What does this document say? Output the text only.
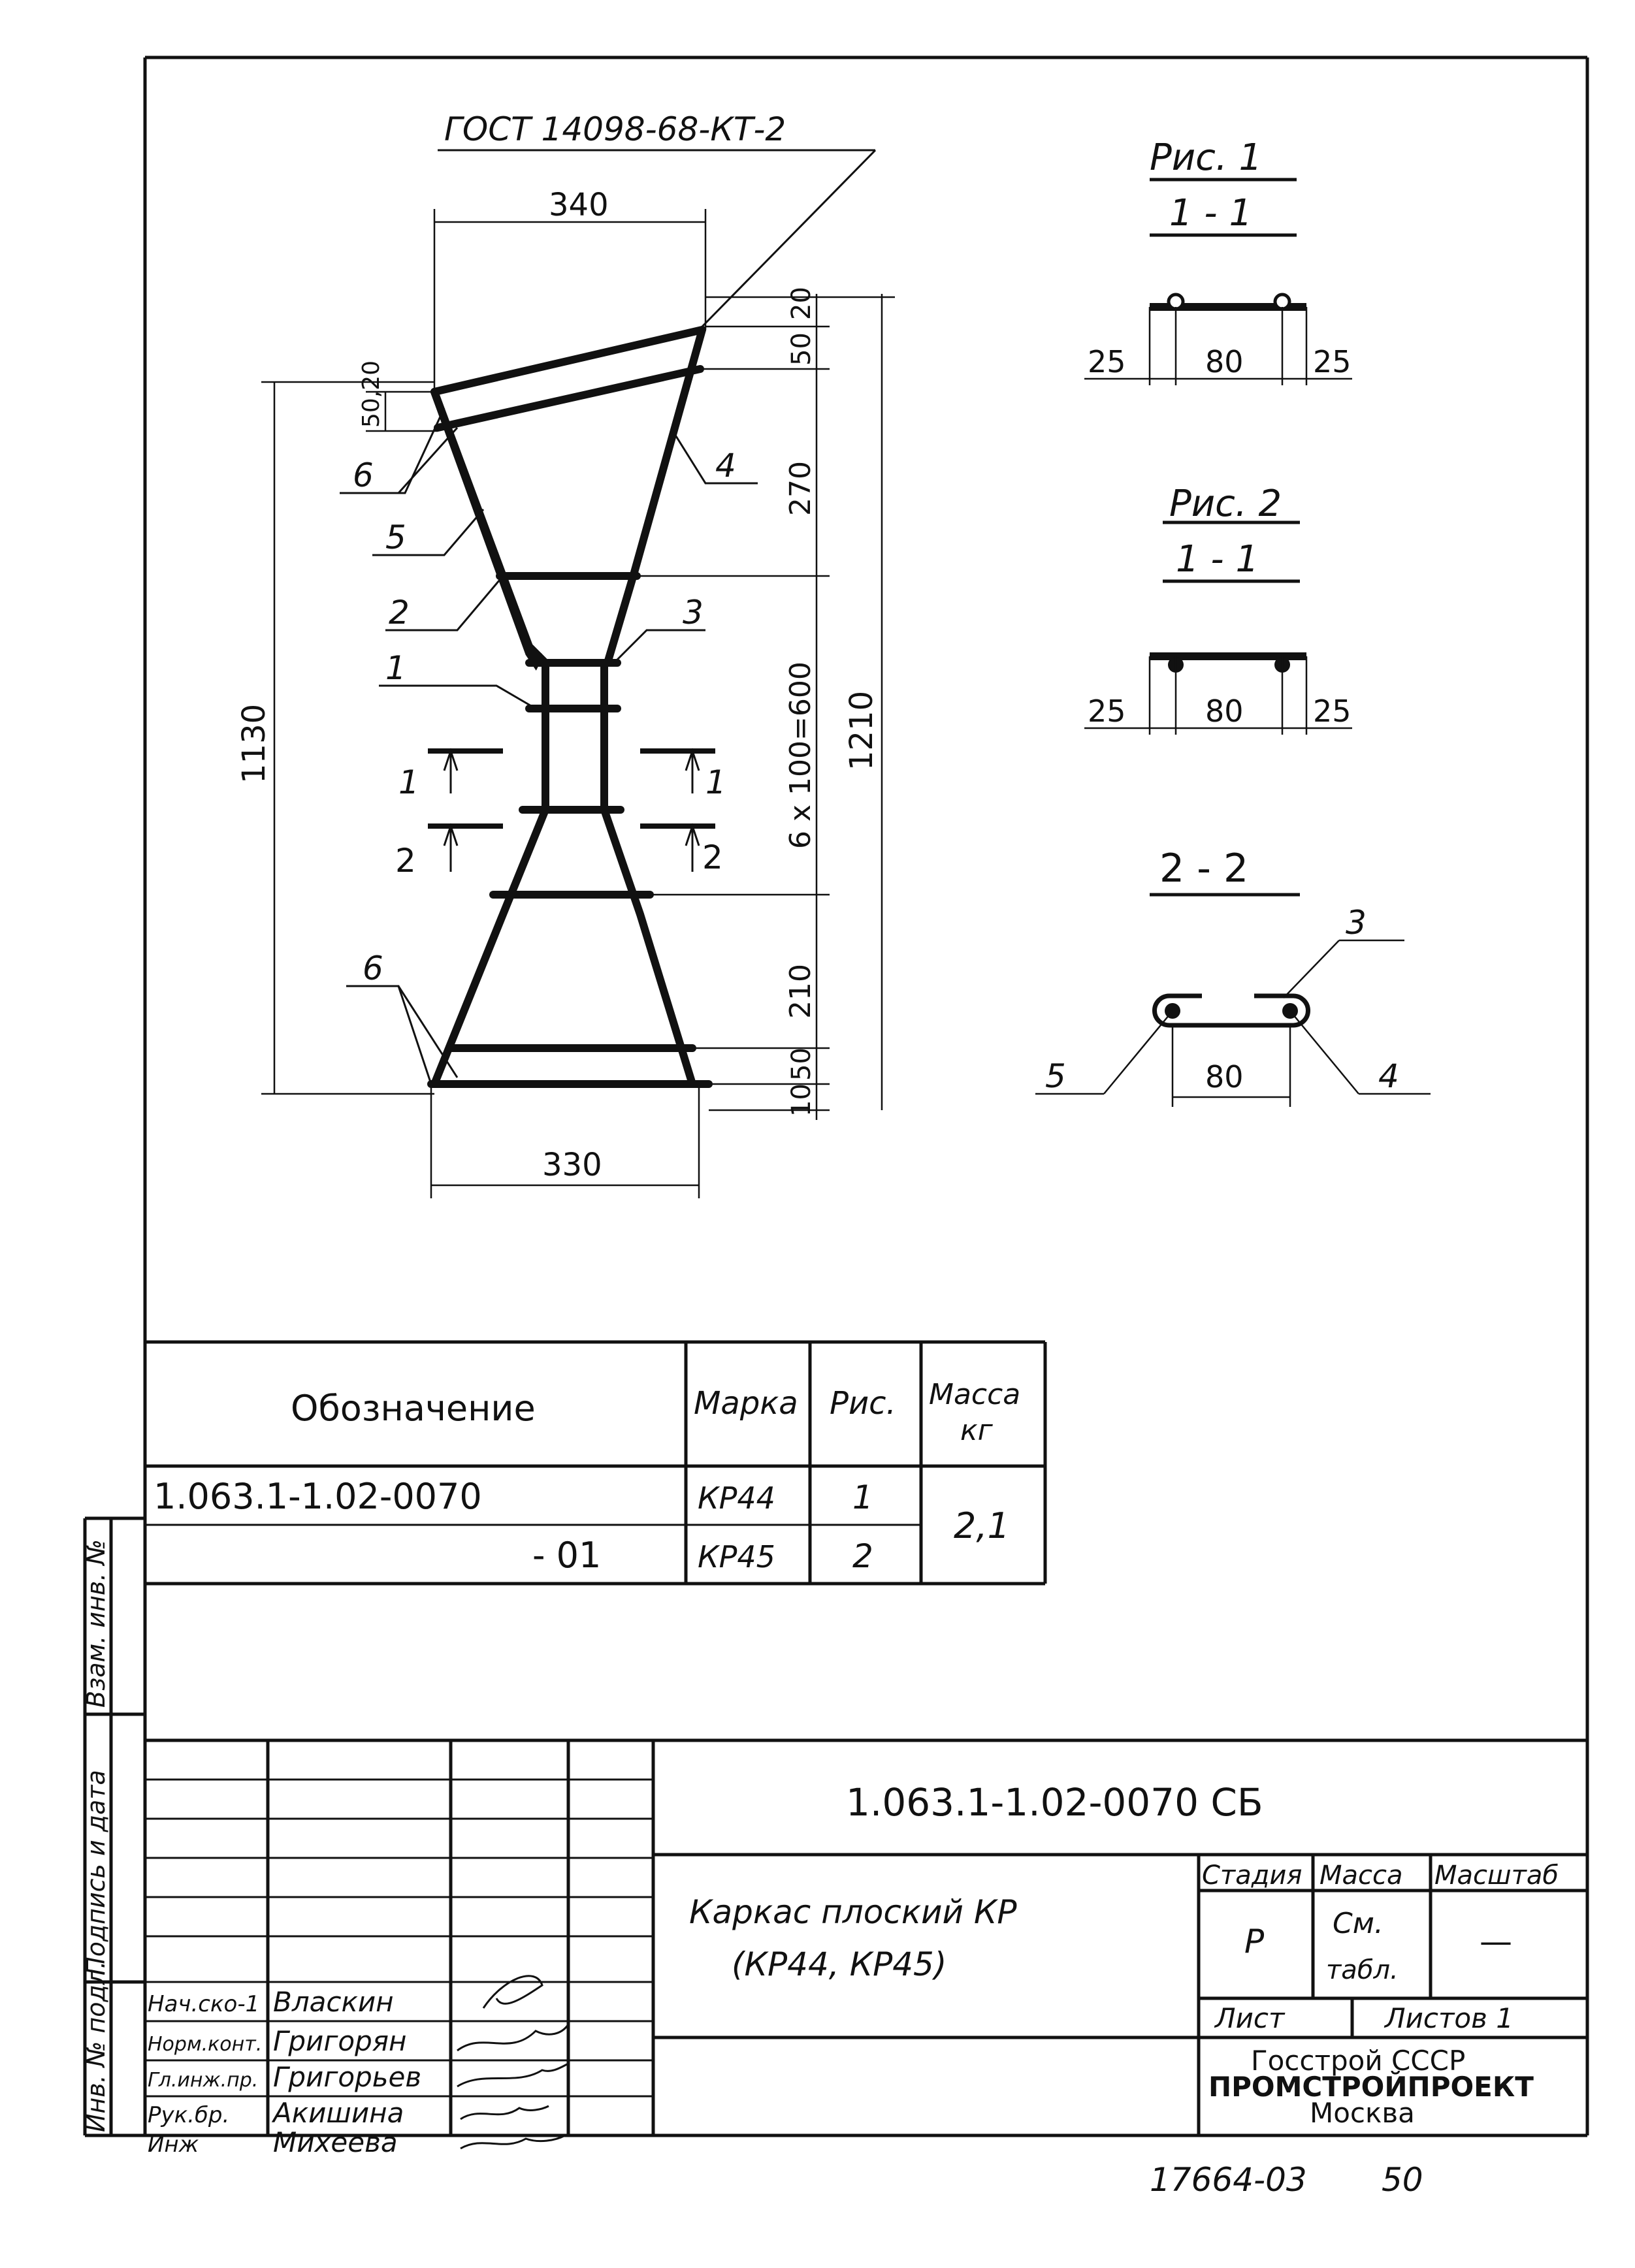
ГОСТ 14098-68-КТ-2
340
330
1130	1210
50,20
20
50
270
6 x 100=600
210
50
10
6	4
5
2	3
1
6
1	1
2	2
Рис. 1
1 - 1
25	80 25
Рис. 2
1 - 1
25	80 25
2 - 2
80
5	4
3
Обозначение	Марка Рис. Масса
кг
1.063.1-1.02-0070	КР44 1
- 01	КР45 2
2,1
Взам. инв. №
Подпись и дата
Инв. № подл.
1.063.1-1.02-0070 СБ
Каркас плоский КР
(КР44, КР45)
Стадия Масса Масштаб
Р См.
табл.
—
Лист	Листов 1
Госстрой СССР
ПРОМСТРОЙПРОЕКТ
Москва
Нач.ско-1 Власкин
Норм.конт. Григорян
Гл.инж.пр. Григорьев
Рук.бр. Акишина
Инж	Михеева
17664-03 50
